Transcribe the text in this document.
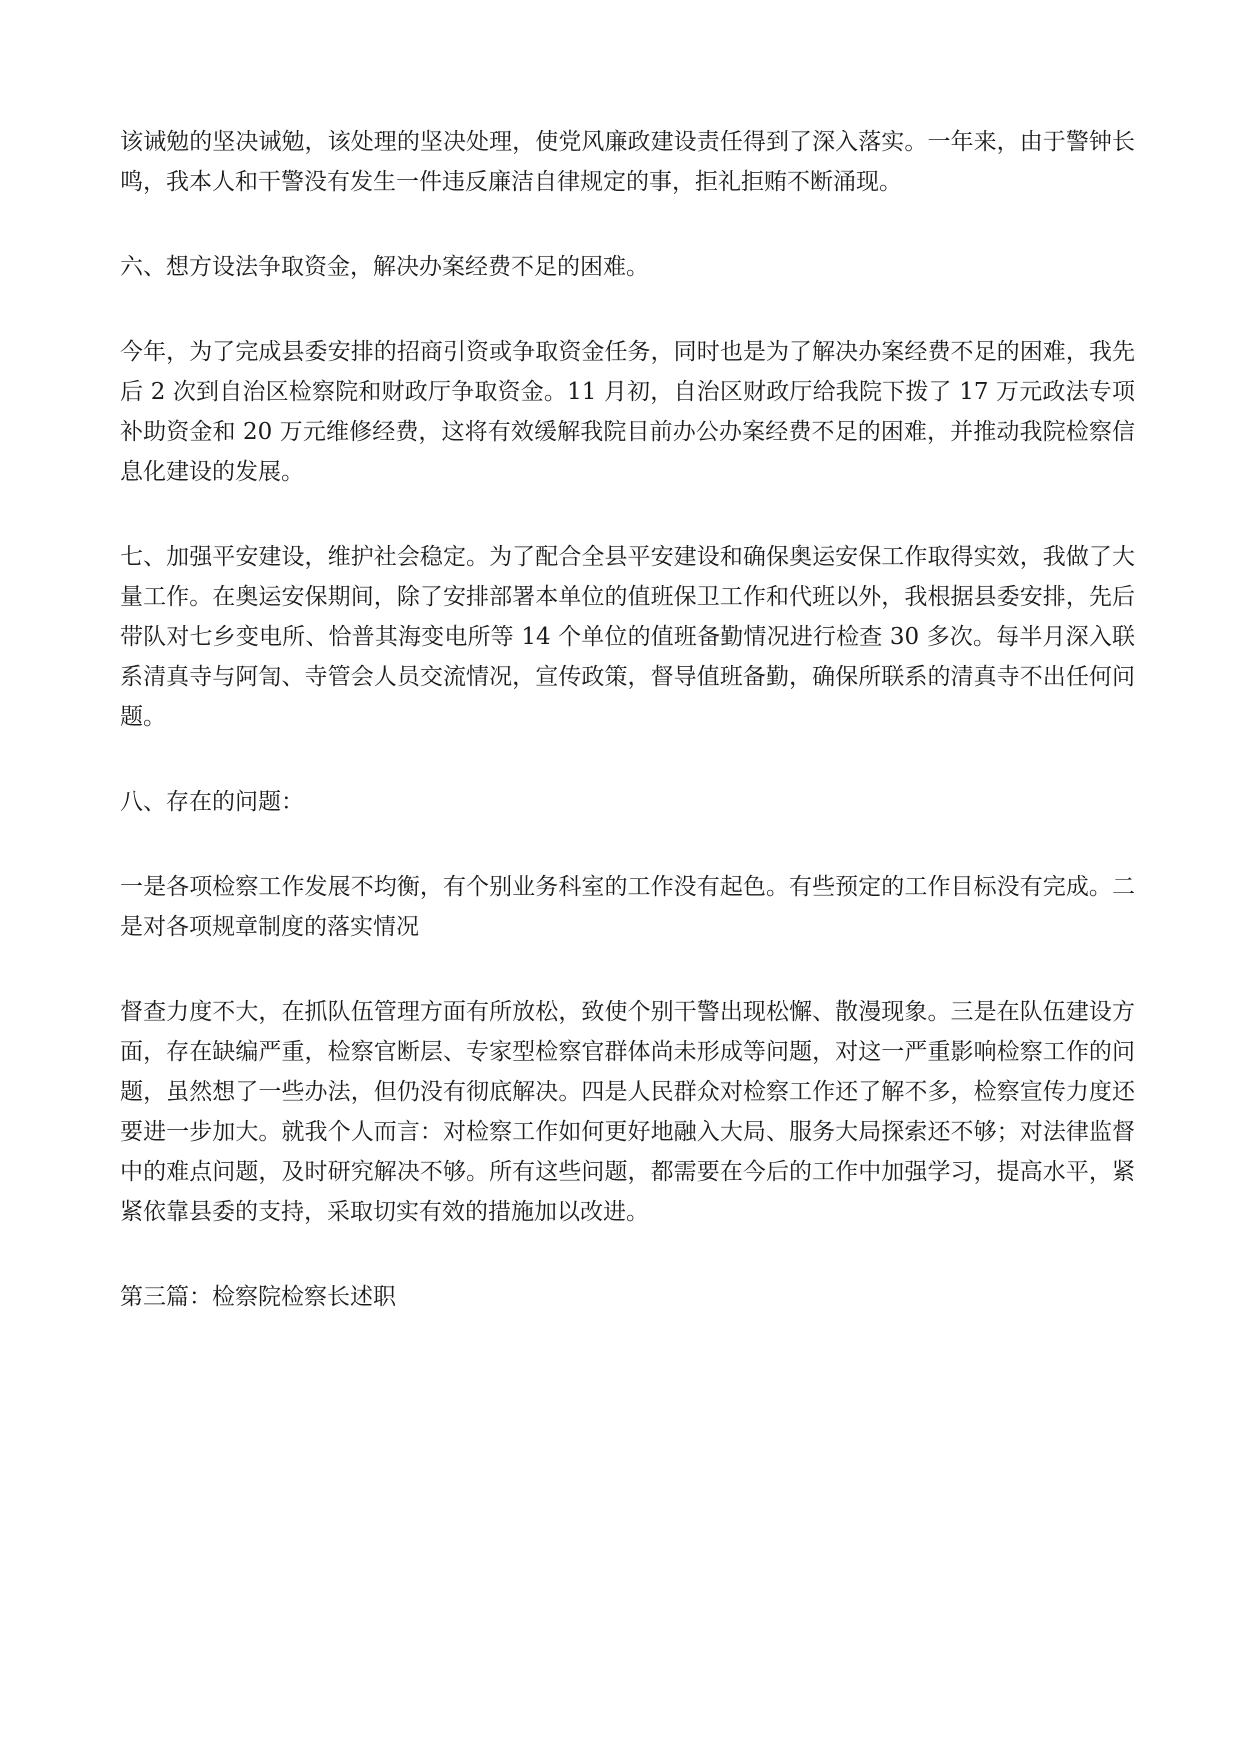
该诫勉的坚决诫勉，该处理的坚决处理，使党风廉政建设责任得到了深入落实。一年来，由于警钟长鸣，我本人和干警没有发生一件违反廉洁自律规定的事，拒礼拒贿不断涌现。

六、想方设法争取资金，解决办案经费不足的困难。

今年，为了完成县委安排的招商引资或争取资金任务，同时也是为了解决办案经费不足的困难，我先后 2 次到自治区检察院和财政厅争取资金。11 月初，自治区财政厅给我院下拨了 17 万元政法专项补助资金和 20 万元维修经费，这将有效缓解我院目前办公办案经费不足的困难，并推动我院检察信息化建设的发展。

七、加强平安建设，维护社会稳定。为了配合全县平安建设和确保奥运安保工作取得实效，我做了大量工作。在奥运安保期间，除了安排部署本单位的值班保卫工作和代班以外，我根据县委安排，先后带队对七乡变电所、恰普其海变电所等 14 个单位的值班备勤情况进行检查 30 多次。每半月深入联系清真寺与阿訇、寺管会人员交流情况，宣传政策，督导值班备勤，确保所联系的清真寺不出任何问题。

八、存在的问题：

一是各项检察工作发展不均衡，有个别业务科室的工作没有起色。有些预定的工作目标没有完成。二是对各项规章制度的落实情况

督查力度不大，在抓队伍管理方面有所放松，致使个别干警出现松懈、散漫现象。三是在队伍建设方面，存在缺编严重，检察官断层、专家型检察官群体尚未形成等问题，对这一严重影响检察工作的问题，虽然想了一些办法，但仍没有彻底解决。四是人民群众对检察工作还了解不多，检察宣传力度还要进一步加大。就我个人而言：对检察工作如何更好地融入大局、服务大局探索还不够；对法律监督中的难点问题，及时研究解决不够。所有这些问题，都需要在今后的工作中加强学习，提高水平，紧紧依靠县委的支持，采取切实有效的措施加以改进。

第三篇：检察院检察长述职
